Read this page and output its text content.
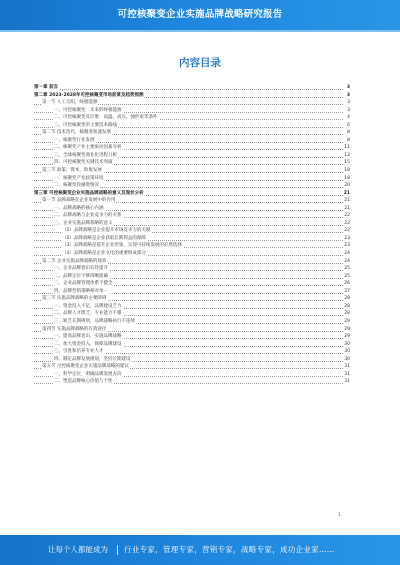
可控核聚变企业实施品牌战略研究报告
内容目录
第一章 前言	3
第二章 2023-2028年可控核聚变市场前景及趋势预测	3
第一节 人工太阳，终极能源	3
一、可控核聚变：未来的终极能源	3
二、可控核聚变反应堆：高温、高压、强约束等条件	4
三、可控核聚变的主要技术路线	6
第二节 技术迭代，核聚变加速发展	8
一、核聚变行业发展	8
二、核聚变产业主要驱动因素分析	11
三、全球核聚变商业化进程分析	12
四、可控核聚变关键技术突破	15
第三节 政策、资本，助推发展	18
一、核聚变产业政策环境	18
二、核聚变投融资情况	20
第三章 可控核聚变企业实施品牌战略的意义及现状分析	21
第一节 品牌战略在企业发展中的作用	21
一、品牌战略的核心内涵	21
二、品牌战略与企业竞争力的关系	22
三、企业实施品牌战略的意义	22
（1）品牌战略是企业提升市场竞争力的关键	22
（2）品牌战略是企业获取长期利益的保障	23
（3）品牌战略是提升企业形象、实现可持续发展的必然选择	23
（4）品牌战略是企业文化的重要组成部分	24
第二节 企业实施品牌战略的现状	24
一、企业品牌意识有待提升	25
二、品牌定位不够清晰准确	25
三、企业品牌管理体系不健全	26
四、品牌营销策略相对单一	27
第三节 实施品牌战略的主要障碍	28
一、资金投入不足，品牌建设乏力	28
二、品牌人才匮乏，专业能力不强	28
三、缺乏长期规划，品牌战略执行不连续	29
第四节 实施品牌战略的有效途径	29
一、提高品牌意识，实施品牌战略	29
二、加大资金投入，保障品牌建设	30
三、引进和培养专业人才	30
四、制定品牌发展规划，坚持长期建设	30
第五节 可控核聚变企业实施品牌战略的建议	31
一、科学定位，明确品牌发展方向	31
二、塑造品牌核心价值与个性	31
1
让每个人都能成为 行业专家，管理专家，营销专家，战略专家，成功企业家……
